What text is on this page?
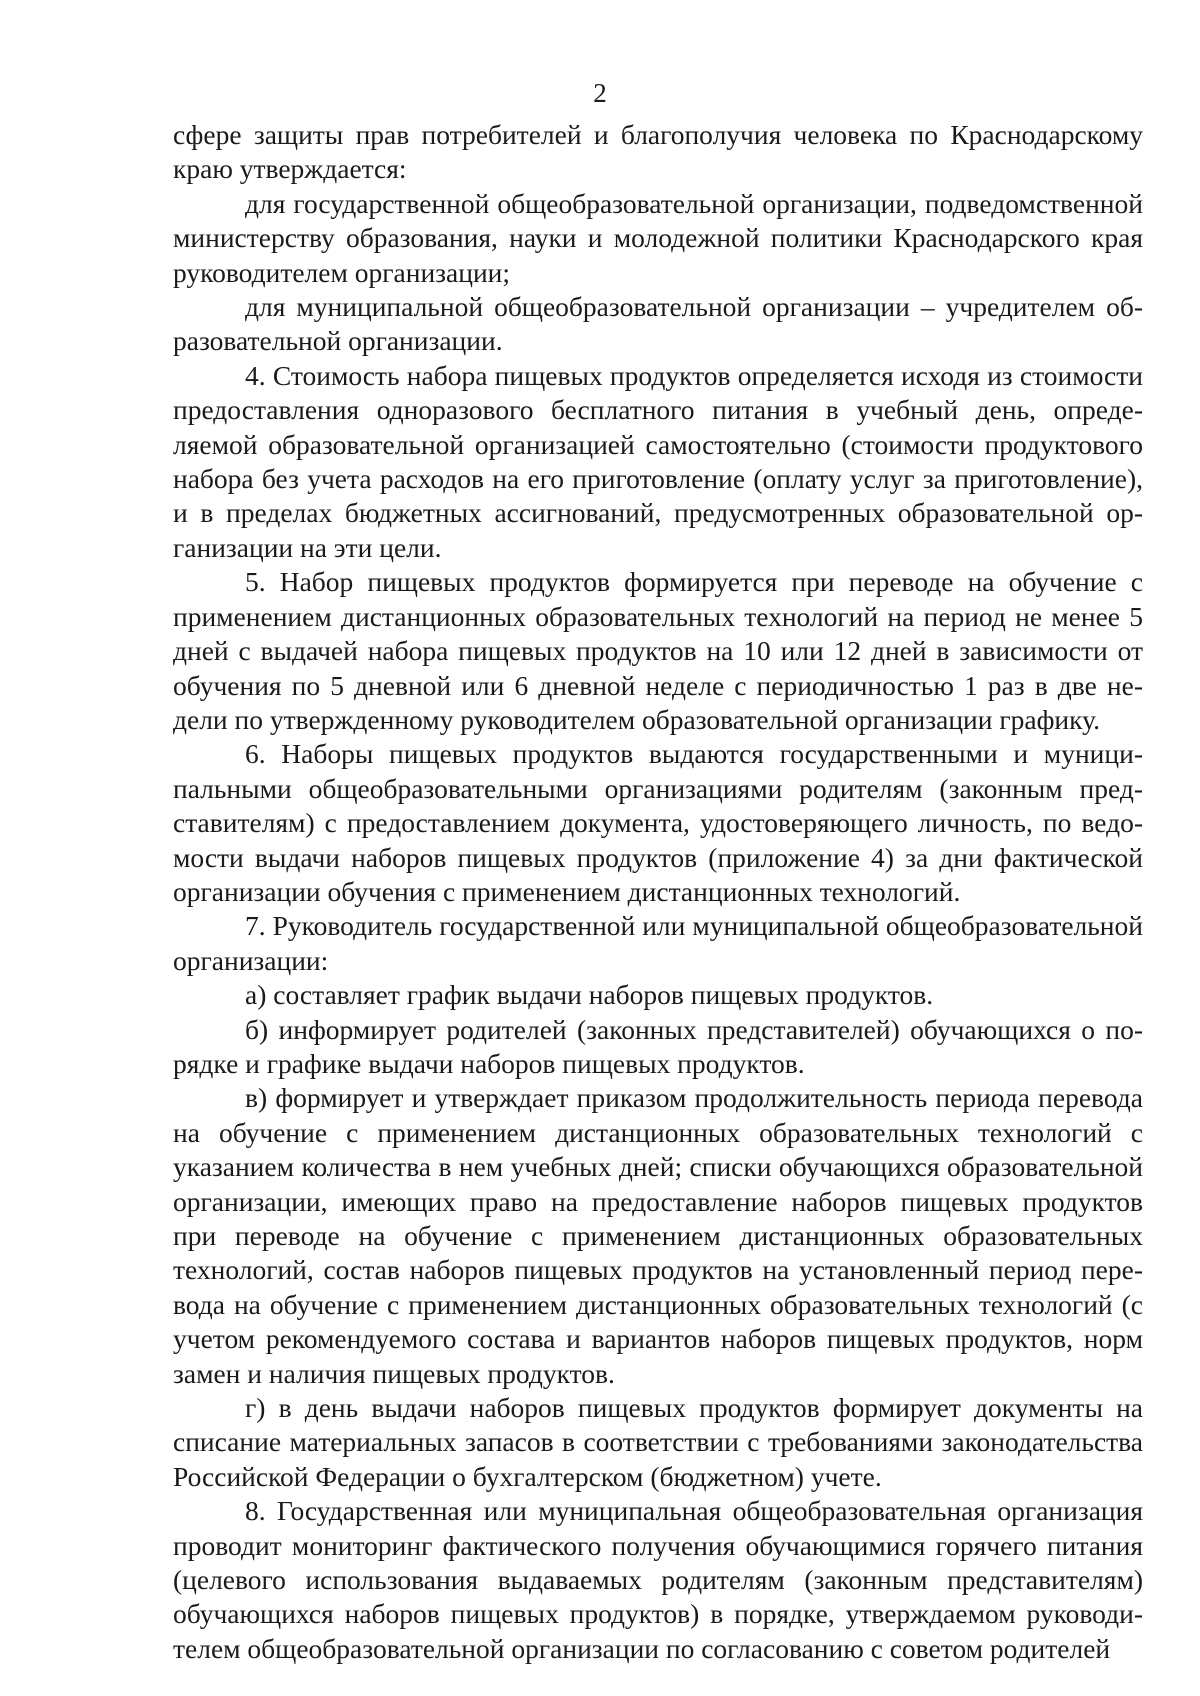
2

сфере защиты прав потребителей и благополучия человека по Краснодарскому краю утверждается:

для государственной общеобразовательной организации, подведомственной министерству образования, науки и молодежной политики Краснодарского края руководителем организации;

для муниципальной общеобразовательной организации – учредителем образовательной организации.

4. Стоимость набора пищевых продуктов определяется исходя из стоимости предоставления одноразового бесплатного питания в учебный день, определяемой образовательной организацией самостоятельно (стоимости продуктового набора без учета расходов на его приготовление (оплату услуг за приготовление), и в пределах бюджетных ассигнований, предусмотренных образовательной организации на эти цели.

5. Набор пищевых продуктов формируется при переводе на обучение с применением дистанционных образовательных технологий на период не менее 5 дней с выдачей набора пищевых продуктов на 10 или 12 дней в зависимости от обучения по 5 дневной или 6 дневной неделе с периодичностью 1 раз в две недели по утвержденному руководителем образовательной организации графику.

6. Наборы пищевых продуктов выдаются государственными и муниципальными общеобразовательными организациями родителям (законным представителям) с предоставлением документа, удостоверяющего личность, по ведомости выдачи наборов пищевых продуктов (приложение 4) за дни фактической организации обучения с применением дистанционных технологий.

7. Руководитель государственной или муниципальной общеобразовательной организации:

а) составляет график выдачи наборов пищевых продуктов.

б) информирует родителей (законных представителей) обучающихся о порядке и графике выдачи наборов пищевых продуктов.

в) формирует и утверждает приказом продолжительность периода перевода на обучение с применением дистанционных образовательных технологий с указанием количества в нем учебных дней; списки обучающихся образовательной организации, имеющих право на предоставление наборов пищевых продуктов при переводе на обучение с применением дистанционных образовательных технологий, состав наборов пищевых продуктов на установленный период перевода на обучение с применением дистанционных образовательных технологий (с учетом рекомендуемого состава и вариантов наборов пищевых продуктов, норм замен и наличия пищевых продуктов.

г) в день выдачи наборов пищевых продуктов формирует документы на списание материальных запасов в соответствии с требованиями законодательства Российской Федерации о бухгалтерском (бюджетном) учете.

8. Государственная или муниципальная общеобразовательная организация проводит мониторинг фактического получения обучающимися горячего питания (целевого использования выдаваемых родителям (законным представителям) обучающихся наборов пищевых продуктов) в порядке, утверждаемом руководителем общеобразовательной организации по согласованию с советом родителей
